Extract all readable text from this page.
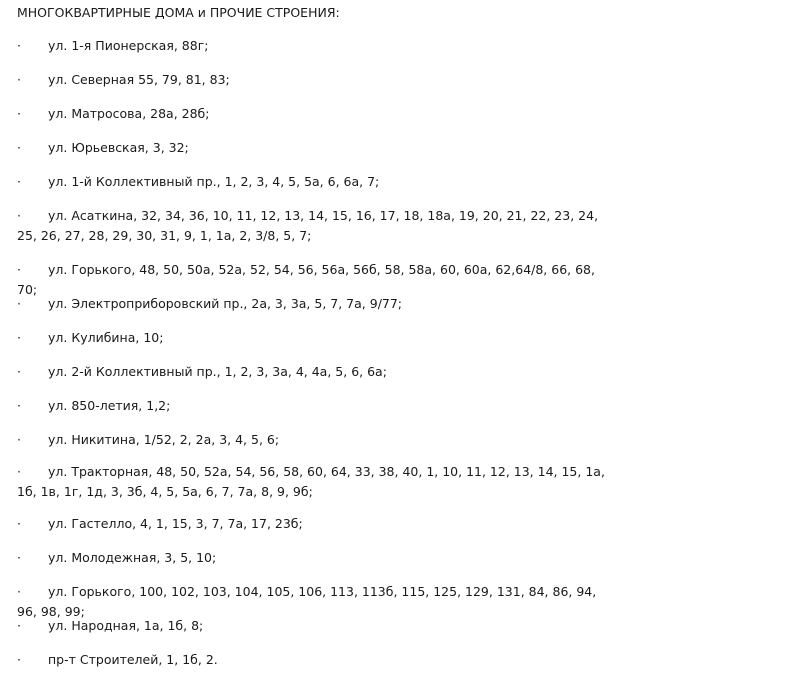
МНОГОКВАРТИРНЫЕ ДОМА и ПРОЧИЕ СТРОЕНИЯ:

·	ул. 1-я Пионерская, 88г;
·	ул. Северная 55, 79, 81, 83;
·	ул. Матросова, 28а, 28б;
·	ул. Юрьевская, 3, 32;
·	ул. 1-й Коллективный пр., 1, 2, 3, 4, 5, 5а, 6, 6а, 7;
·	ул. Асаткина, 32, 34, 36, 10, 11, 12, 13, 14, 15, 16, 17, 18, 18а, 19, 20, 21, 22, 23, 24, 25, 26, 27, 28, 29, 30, 31, 9, 1, 1а, 2, 3/8, 5, 7;
·	ул. Горького, 48, 50, 50а, 52а, 52, 54, 56, 56а, 56б, 58, 58а, 60, 60а, 62,64/8, 66, 68, 70;
·	ул. Электроприборовский пр., 2а, 3, 3а, 5, 7, 7а, 9/77;
·	ул. Кулибина, 10;
·	ул. 2-й Коллективный пр., 1, 2, 3, 3а, 4, 4а, 5, 6, 6а;
·	ул. 850-летия, 1,2;
·	ул. Никитина, 1/52, 2, 2а, 3, 4, 5, 6;
·	ул. Тракторная, 48, 50, 52а, 54, 56, 58, 60, 64, 33, 38, 40, 1, 10, 11, 12, 13, 14, 15, 1а, 1б, 1в, 1г, 1д, 3, 3б, 4, 5, 5а, 6, 7, 7а, 8, 9, 9б;
·	ул. Гастелло, 4, 1, 15, 3, 7, 7а, 17, 23б;
·	ул. Молодежная, 3, 5, 10;
·	ул. Горького, 100, 102, 103, 104, 105, 106, 113, 113б, 115, 125, 129, 131, 84, 86, 94, 96, 98, 99;
·	ул. Народная, 1а, 1б, 8;
·	пр-т Строителей, 1, 1б, 2.
